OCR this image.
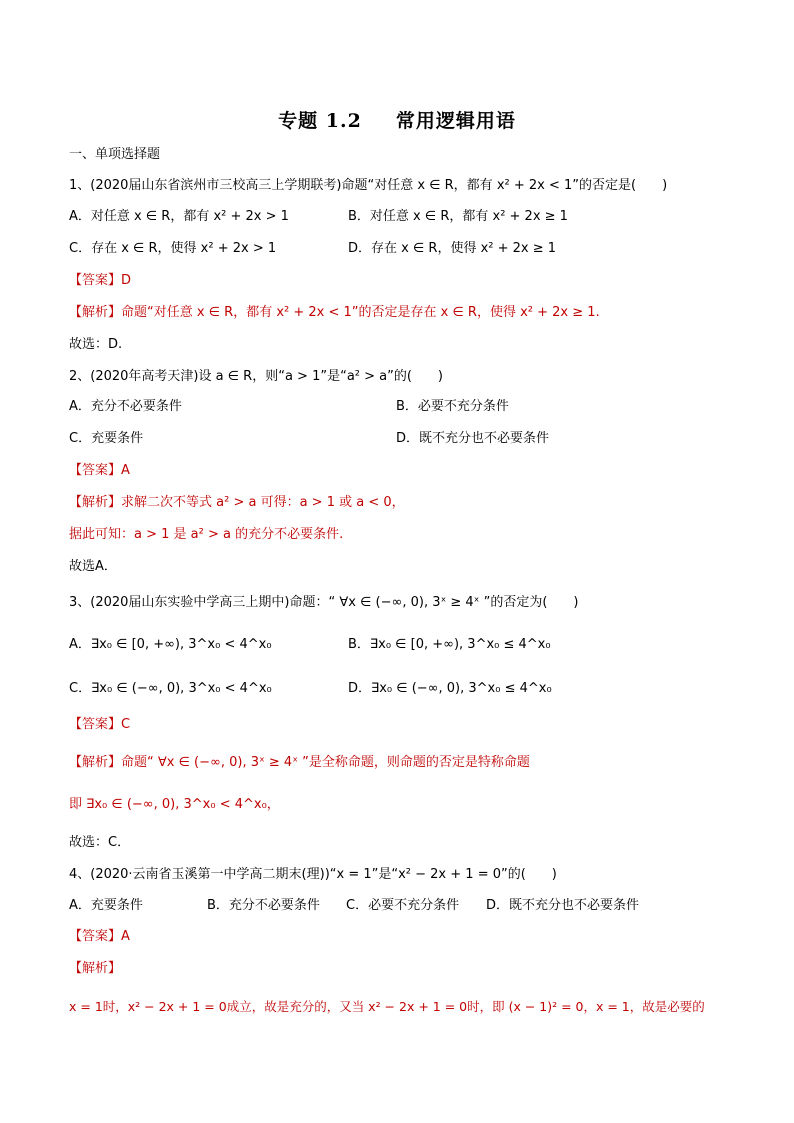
专题 1.2 常用逻辑用语
一、单项选择题
1、(2020届山东省滨州市三校高三上学期联考)命题“对任意 x ∈ R，都有 x² + 2x < 1”的否定是(　　)
A．对任意 x ∈ R，都有 x² + 2x > 1	B．对任意 x ∈ R，都有 x² + 2x ≥ 1
C．存在 x ∈ R，使得 x² + 2x > 1	D．存在 x ∈ R，使得 x² + 2x ≥ 1
【答案】D
【解析】命题“对任意 x ∈ R，都有 x² + 2x < 1”的否定是存在 x ∈ R，使得 x² + 2x ≥ 1.
故选：D.
2、(2020年高考天津)设 a ∈ R，则“a > 1”是“a² > a”的(　　)
A．充分不必要条件	B．必要不充分条件
C．充要条件	D．既不充分也不必要条件
【答案】A
【解析】求解二次不等式 a² > a 可得：a > 1 或 a < 0，
据此可知：a > 1 是 a² > a 的充分不必要条件.
故选A．
3、(2020届山东实验中学高三上期中)命题：“ ∀x ∈ (−∞, 0), 3ˣ ≥ 4ˣ ”的否定为(　　)
A．∃x₀ ∈ [0, +∞), 3^x₀ < 4^x₀	B．∃x₀ ∈ [0, +∞), 3^x₀ ≤ 4^x₀
C．∃x₀ ∈ (−∞, 0), 3^x₀ < 4^x₀	D．∃x₀ ∈ (−∞, 0), 3^x₀ ≤ 4^x₀
【答案】C
【解析】命题“ ∀x ∈ (−∞, 0), 3ˣ ≥ 4ˣ ”是全称命题，则命题的否定是特称命题
即 ∃x₀ ∈ (−∞, 0), 3^x₀ < 4^x₀，
故选：C．
4、(2020·云南省玉溪第一中学高二期末(理))“x = 1”是“x² − 2x + 1 = 0”的(　　)
A．充要条件	B．充分不必要条件 C．必要不充分条件 D．既不充分也不必要条件
【答案】A
【解析】
x = 1时，x² − 2x + 1 = 0成立，故是充分的，又当 x² − 2x + 1 = 0时，即 (x − 1)² = 0，x = 1，故是必要的
